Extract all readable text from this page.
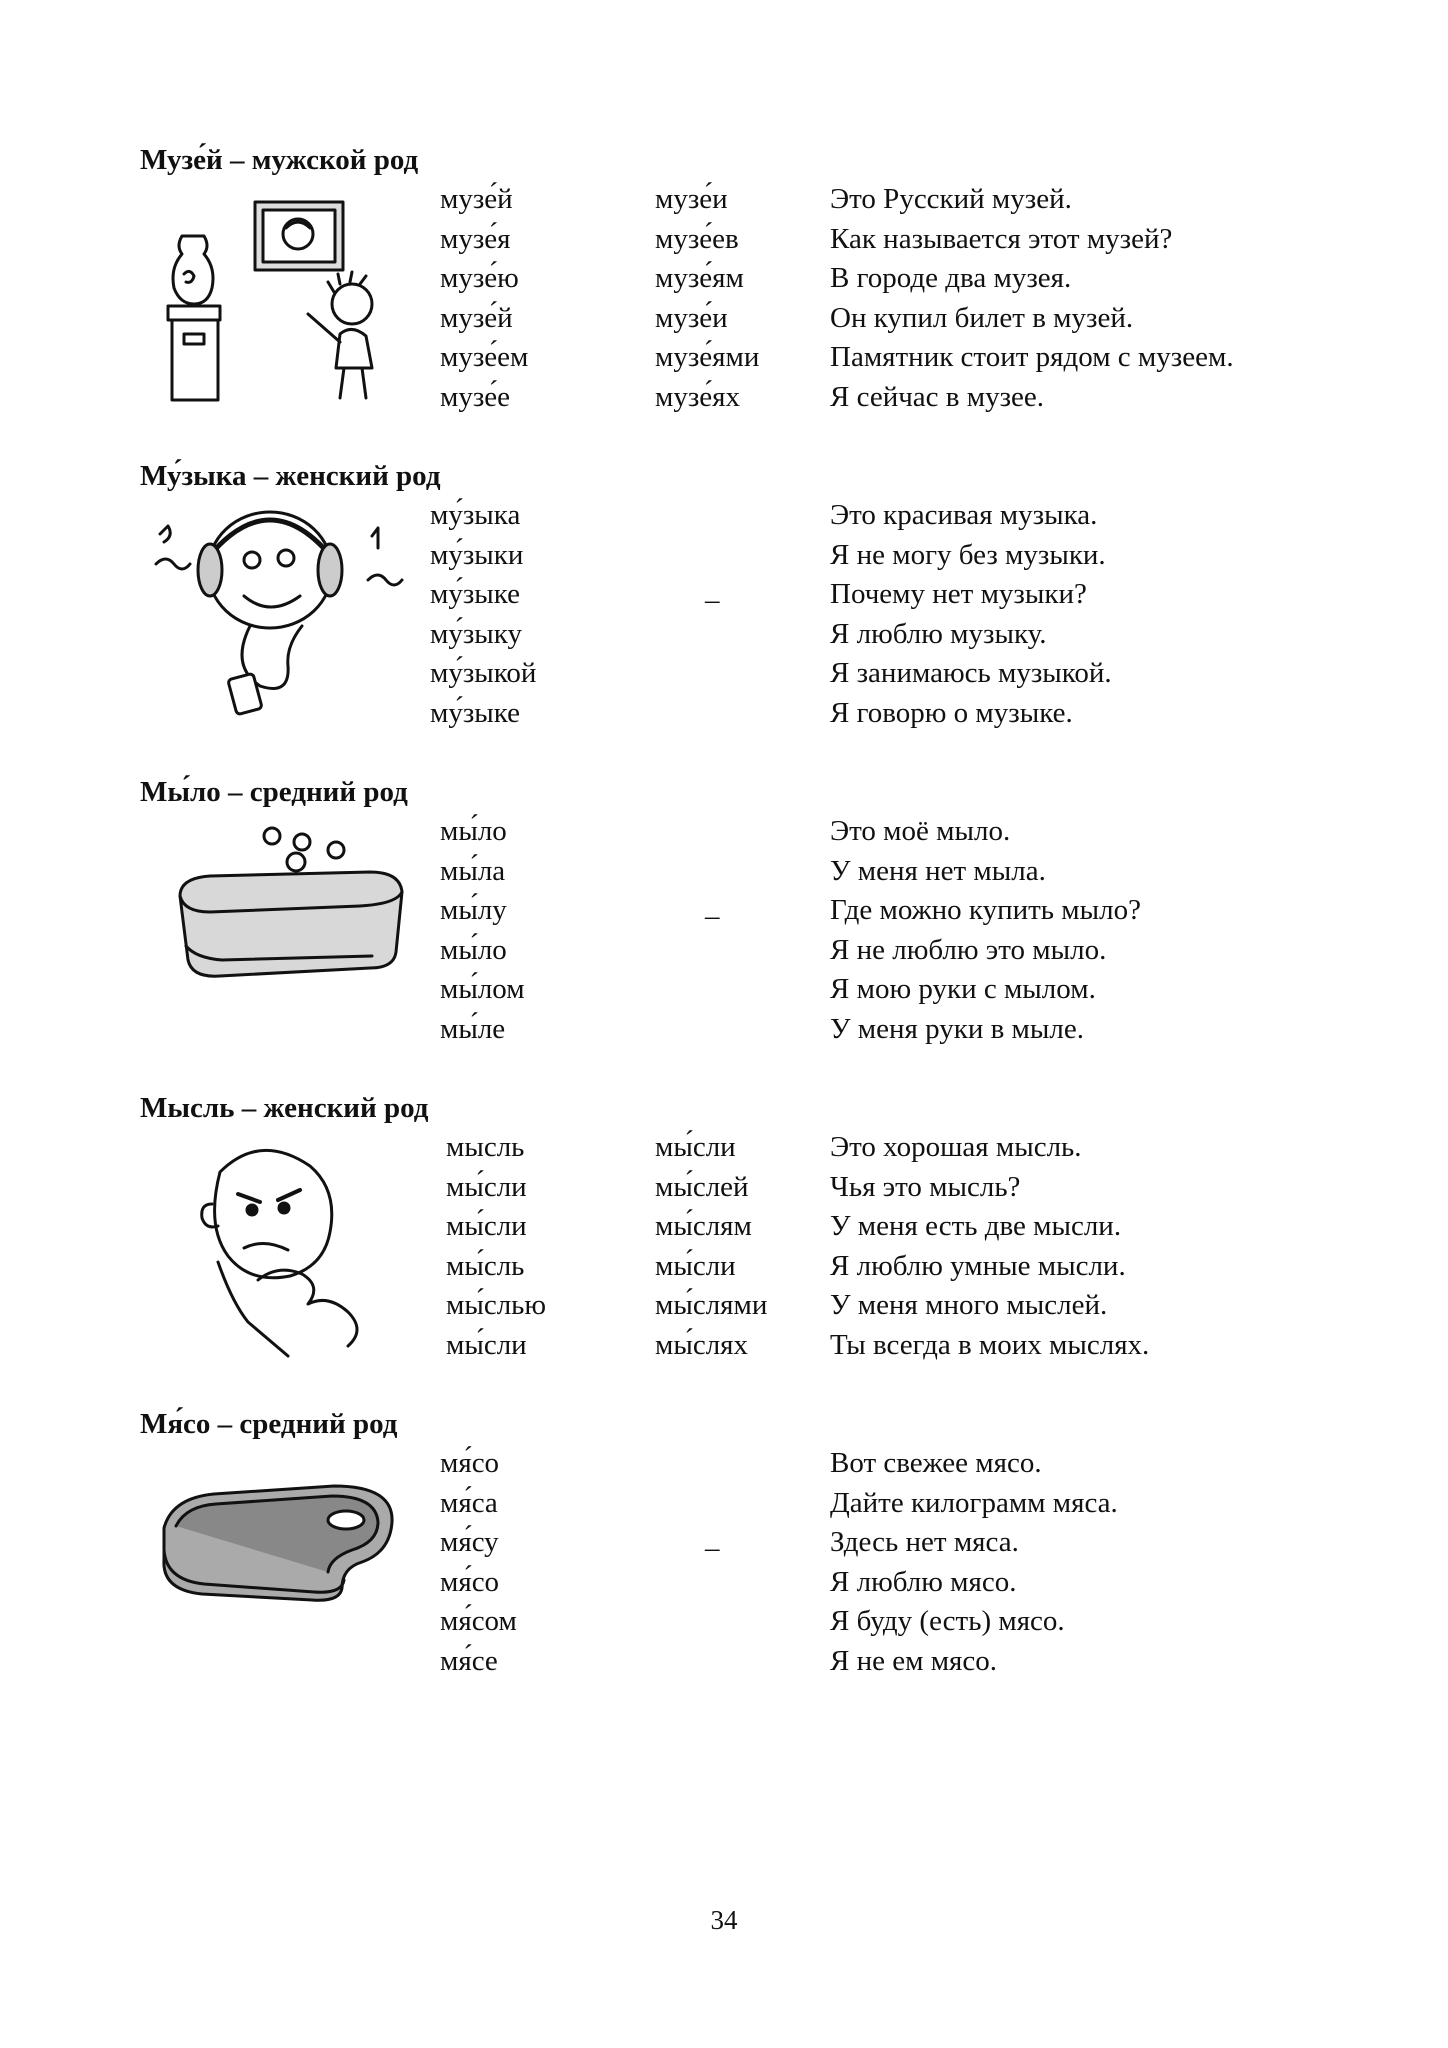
Музе́й – мужской род
музе́й
музе́я
музе́ю
музе́й
музе́ем
музе́е
музе́и
музе́ев
музе́ям
музе́и
музе́ями
музе́ях
Это Русский музей.
Как называется этот музей?
В городе два музея.
Он купил билет в музей.
Памятник стоит рядом с музеем.
Я сейчас в музее.
Му́зыка – женский род
му́зыка
му́зыки
му́зыке
му́зыку
му́зыкой
му́зыке
–
Это красивая музыка.
Я не могу без музыки.
Почему нет музыки?
Я люблю музыку.
Я занимаюсь музыкой.
Я говорю о музыке.
Мы́ло – средний род
мы́ло
мы́ла
мы́лу
мы́ло
мы́лом
мы́ле
–
Это моё мыло.
У меня нет мыла.
Где можно купить мыло?
Я не люблю это мыло.
Я мою руки с мылом.
У меня руки в мыле.
Мысль – женский род
мысль
мы́сли
мы́сли
мы́сль
мы́слью
мы́сли
мы́сли
мы́слей
мы́слям
мы́сли
мы́слями
мы́слях
Это хорошая мысль.
Чья это мысль?
У меня есть две мысли.
Я люблю умные мысли.
У меня много мыслей.
Ты всегда в моих мыслях.
Мя́со – средний род
мя́со
мя́са
мя́су
мя́со
мя́сом
мя́се
–
Вот свежее мясо.
Дайте килограмм мяса.
Здесь нет мяса.
Я люблю мясо.
Я буду (есть) мясо.
Я не ем мясо.
34
